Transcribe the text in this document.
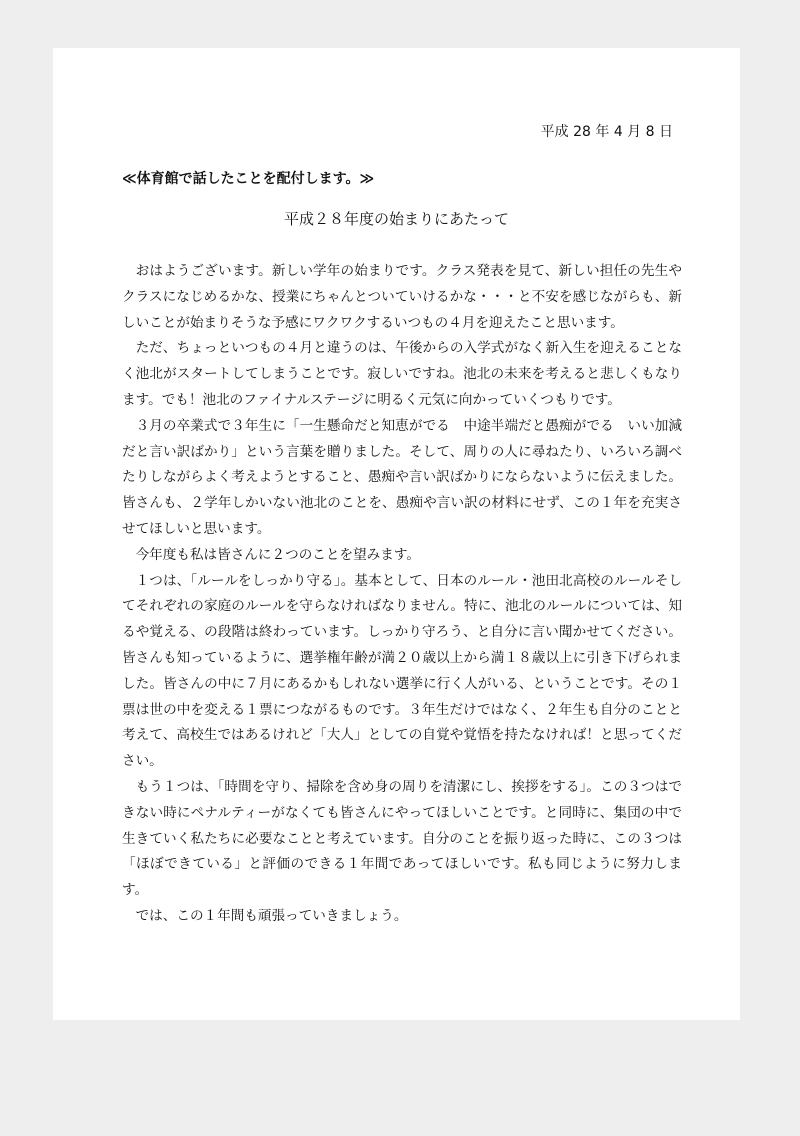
平成 28 年 4 月 8 日
≪体育館で話したことを配付します。≫
平成２８年度の始まりにあたって

おはようございます。新しい学年の始まりです。クラス発表を見て、新しい担任の先生やクラスになじめるかな、授業にちゃんとついていけるかな・・・と不安を感じながらも、新しいことが始まりそうな予感にワクワクするいつもの４月を迎えたこと思います。

ただ、ちょっといつもの４月と違うのは、午後からの入学式がなく新入生を迎えることなく池北がスタートしてしまうことです。寂しいですね。池北の未来を考えると悲しくもなります。でも！池北のファイナルステージに明るく元気に向かっていくつもりです。

３月の卒業式で３年生に「一生懸命だと知恵がでる　中途半端だと愚痴がでる　いい加減だと言い訳ばかり」という言葉を贈りました。そして、周りの人に尋ねたり、いろいろ調べたりしながらよく考えようとすること、愚痴や言い訳ばかりにならないように伝えました。皆さんも、２学年しかいない池北のことを、愚痴や言い訳の材料にせず、この１年を充実させてほしいと思います。

今年度も私は皆さんに２つのことを望みます。

１つは、「ルールをしっかり守る」。基本として、日本のルール・池田北高校のルールそしてそれぞれの家庭のルールを守らなければなりません。特に、池北のルールについては、知るや覚える、の段階は終わっています。しっかり守ろう、と自分に言い聞かせてください。皆さんも知っているように、選挙権年齢が満２０歳以上から満１８歳以上に引き下げられました。皆さんの中に７月にあるかもしれない選挙に行く人がいる、ということです。その１票は世の中を変える１票につながるものです。３年生だけではなく、２年生も自分のことと考えて、高校生ではあるけれど「大人」としての自覚や覚悟を持たなければ！と思ってください。

もう１つは、「時間を守り、掃除を含め身の周りを清潔にし、挨拶をする」。この３つはできない時にペナルティーがなくても皆さんにやってほしいことです。と同時に、集団の中で生きていく私たちに必要なことと考えています。自分のことを振り返った時に、この３つは「ほぼできている」と評価のできる１年間であってほしいです。私も同じように努力します。

では、この１年間も頑張っていきましょう。
